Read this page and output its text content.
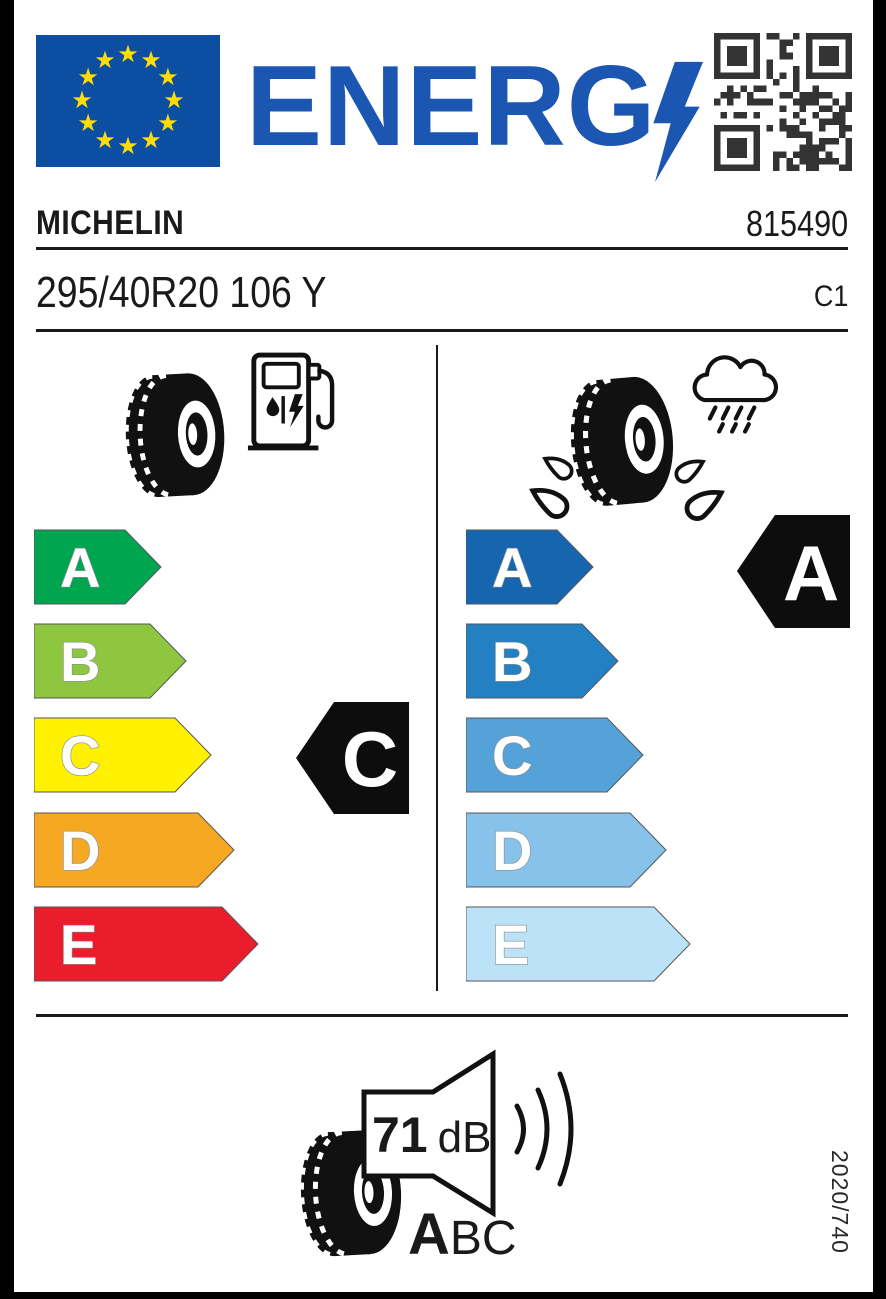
★ ★
★
★
★
★
★
★
★
★
★
★ ENERG
MICHELIN	815490
295/40R20 106 Y	C1
A
B
C
D
E
C
A
B
C
D
E
A
71 dB
A BC	2020/740
